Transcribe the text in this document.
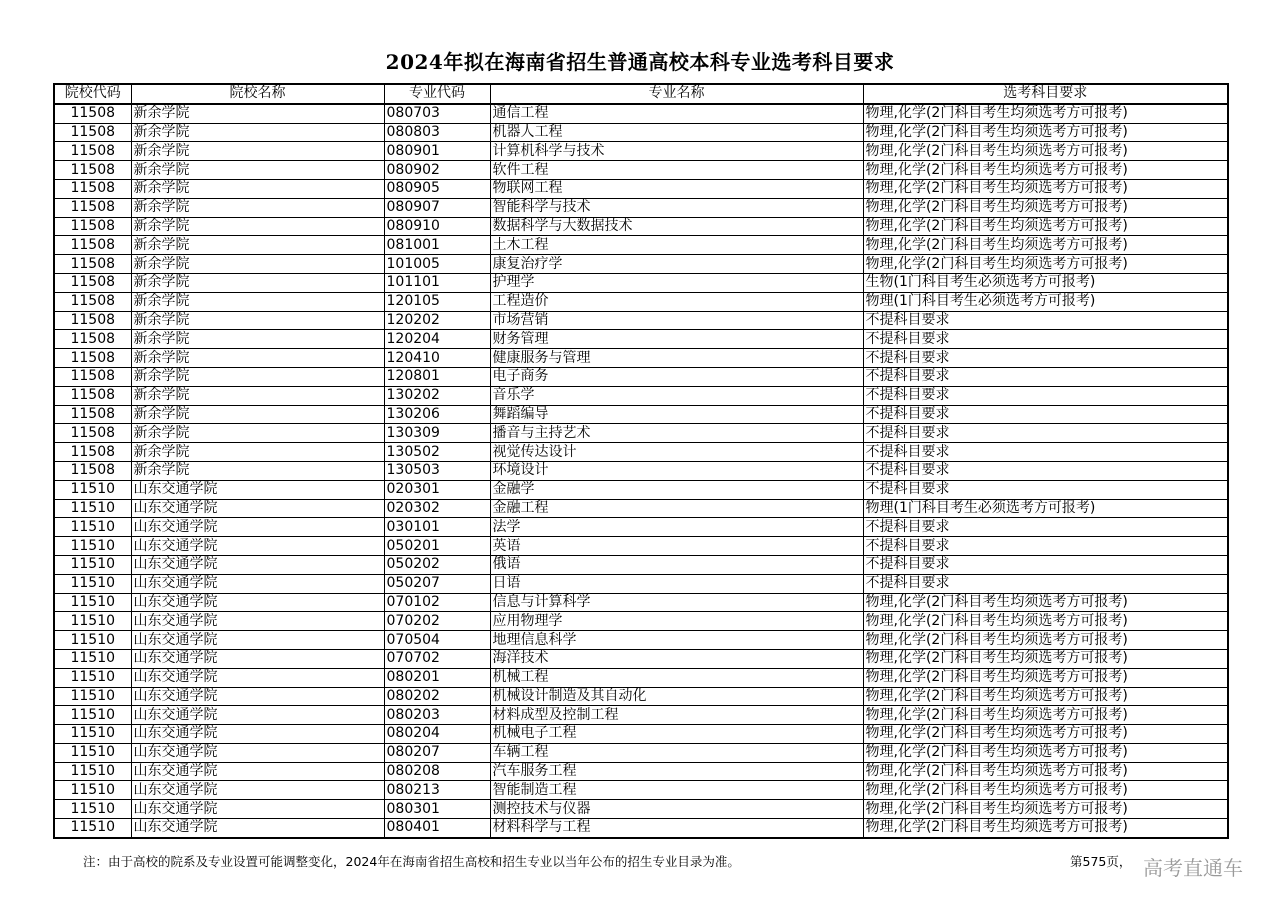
2024年拟在海南省招生普通高校本科专业选考科目要求
院校代码	院校名称	专业代码	专业名称	选考科目要求
11508	新余学院	080703	通信工程	物理,化学(2门科目考生均须选考方可报考)
11508	新余学院	080803	机器人工程	物理,化学(2门科目考生均须选考方可报考)
11508	新余学院	080901	计算机科学与技术	物理,化学(2门科目考生均须选考方可报考)
11508	新余学院	080902	软件工程	物理,化学(2门科目考生均须选考方可报考)
11508	新余学院	080905	物联网工程	物理,化学(2门科目考生均须选考方可报考)
11508	新余学院	080907	智能科学与技术	物理,化学(2门科目考生均须选考方可报考)
11508	新余学院	080910	数据科学与大数据技术	物理,化学(2门科目考生均须选考方可报考)
11508	新余学院	081001	土木工程	物理,化学(2门科目考生均须选考方可报考)
11508	新余学院	101005	康复治疗学	物理,化学(2门科目考生均须选考方可报考)
11508	新余学院	101101	护理学	生物(1门科目考生必须选考方可报考)
11508	新余学院	120105	工程造价	物理(1门科目考生必须选考方可报考)
11508	新余学院	120202	市场营销	不提科目要求
11508	新余学院	120204	财务管理	不提科目要求
11508	新余学院	120410	健康服务与管理	不提科目要求
11508	新余学院	120801	电子商务	不提科目要求
11508	新余学院	130202	音乐学	不提科目要求
11508	新余学院	130206	舞蹈编导	不提科目要求
11508	新余学院	130309	播音与主持艺术	不提科目要求
11508	新余学院	130502	视觉传达设计	不提科目要求
11508	新余学院	130503	环境设计	不提科目要求
11510	山东交通学院	020301	金融学	不提科目要求
11510	山东交通学院	020302	金融工程	物理(1门科目考生必须选考方可报考)
11510	山东交通学院	030101	法学	不提科目要求
11510	山东交通学院	050201	英语	不提科目要求
11510	山东交通学院	050202	俄语	不提科目要求
11510	山东交通学院	050207	日语	不提科目要求
11510	山东交通学院	070102	信息与计算科学	物理,化学(2门科目考生均须选考方可报考)
11510	山东交通学院	070202	应用物理学	物理,化学(2门科目考生均须选考方可报考)
11510	山东交通学院	070504	地理信息科学	物理,化学(2门科目考生均须选考方可报考)
11510	山东交通学院	070702	海洋技术	物理,化学(2门科目考生均须选考方可报考)
11510	山东交通学院	080201	机械工程	物理,化学(2门科目考生均须选考方可报考)
11510	山东交通学院	080202	机械设计制造及其自动化	物理,化学(2门科目考生均须选考方可报考)
11510	山东交通学院	080203	材料成型及控制工程	物理,化学(2门科目考生均须选考方可报考)
11510	山东交通学院	080204	机械电子工程	物理,化学(2门科目考生均须选考方可报考)
11510	山东交通学院	080207	车辆工程	物理,化学(2门科目考生均须选考方可报考)
11510	山东交通学院	080208	汽车服务工程	物理,化学(2门科目考生均须选考方可报考)
11510	山东交通学院	080213	智能制造工程	物理,化学(2门科目考生均须选考方可报考)
11510	山东交通学院	080301	测控技术与仪器	物理,化学(2门科目考生均须选考方可报考)
11510	山东交通学院	080401	材料科学与工程	物理,化学(2门科目考生均须选考方可报考)
注：由于高校的院系及专业设置可能调整变化，2024年在海南省招生高校和招生专业以当年公布的招生专业目录为准。	第575页， 高考直通车
